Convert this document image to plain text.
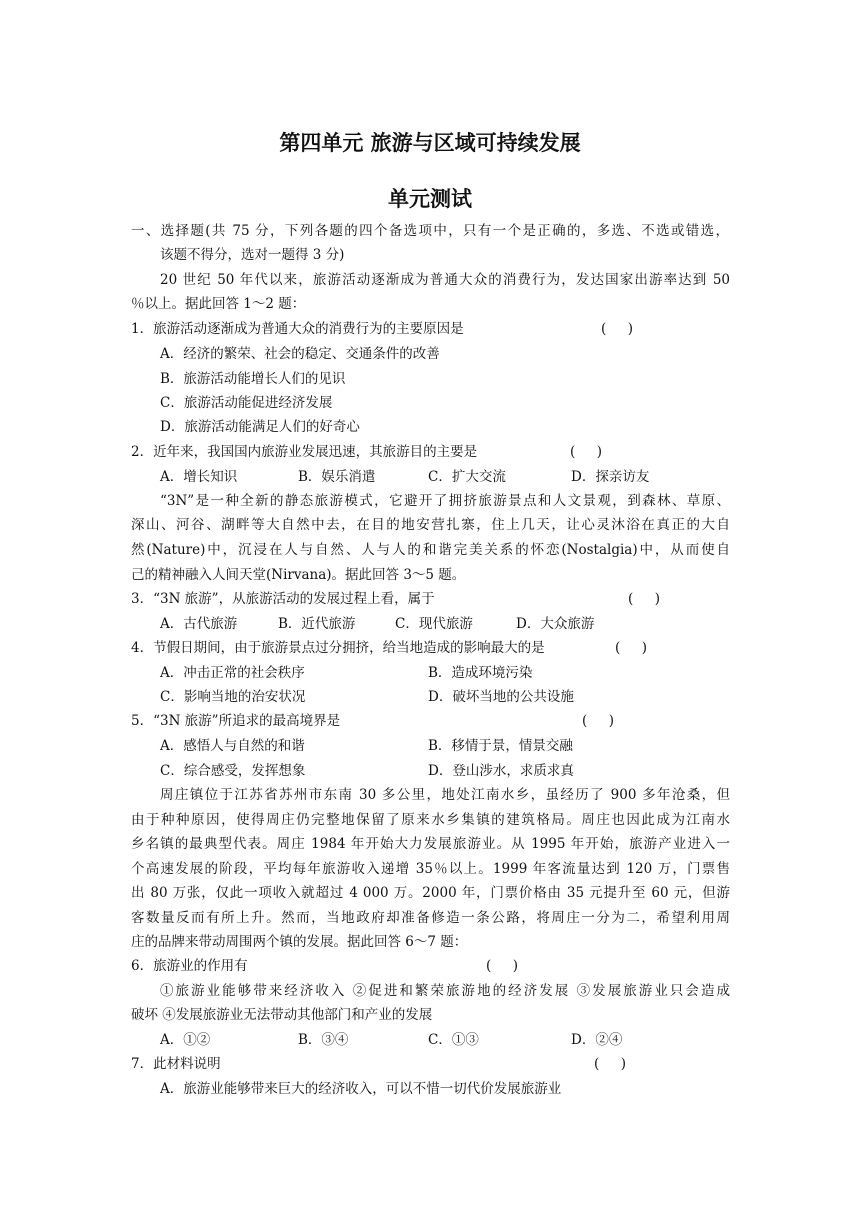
第四单元 旅游与区域可持续发展
单元测试
一、选择题(共 75 分，下列各题的四个备选项中，只有一个是正确的，多选、不选或错选，
该题不得分，选对一题得 3 分)
20 世纪 50 年代以来，旅游活动逐渐成为普通大众的消费行为，发达国家出游率达到 50
％以上。据此回答 1～2 题：
1．旅游活动逐渐成为普通大众的消费行为的主要原因是	(     )
A．经济的繁荣、社会的稳定、交通条件的改善
B．旅游活动能增长人们的见识
C．旅游活动能促进经济发展
D．旅游活动能满足人们的好奇心
2．近年来，我国国内旅游业发展迅速，其旅游目的主要是	(     )
A．增长知识	B．娱乐消遣	C．扩大交流	D．探亲访友
“3N”是一种全新的静态旅游模式，它避开了拥挤旅游景点和人文景观，到森林、草原、
深山、河谷、湖畔等大自然中去，在目的地安营扎寨，住上几天，让心灵沐浴在真正的大自
然(Nature)中，沉浸在人与自然、人与人的和谐完美关系的怀恋(Nostalgia)中，从而使自
己的精神融入人间天堂(Nirvana)。据此回答 3～5 题。
3．“3N 旅游”，从旅游活动的发展过程上看，属于	(     )
A．古代旅游	B．近代旅游	C．现代旅游	D．大众旅游
4．节假日期间，由于旅游景点过分拥挤，给当地造成的影响最大的是	(     )
A．冲击正常的社会秩序	B．造成环境污染
C．影响当地的治安状况	D．破坏当地的公共设施
5．“3N 旅游”所追求的最高境界是	(     )
A．感悟人与自然的和谐	B．移情于景，情景交融
C．综合感受，发挥想象	D．登山涉水，求质求真
周庄镇位于江苏省苏州市东南 30 多公里，地处江南水乡，虽经历了 900 多年沧桑，但
由于种种原因，使得周庄仍完整地保留了原来水乡集镇的建筑格局。周庄也因此成为江南水
乡名镇的最典型代表。周庄 1984 年开始大力发展旅游业。从 1995 年开始，旅游产业进入一
个高速发展的阶段，平均每年旅游收入递增 35％以上。1999 年客流量达到 120 万，门票售
出 80 万张，仅此一项收入就超过 4 000 万。2000 年，门票价格由 35 元提升至 60 元，但游
客数量反而有所上升。然而，当地政府却准备修造一条公路，将周庄一分为二，希望利用周
庄的品牌来带动周围两个镇的发展。据此回答 6～7 题：
6．旅游业的作用有	(     )
①旅游业能够带来经济收入 ②促进和繁荣旅游地的经济发展 ③发展旅游业只会造成
破坏 ④发展旅游业无法带动其他部门和产业的发展
A．①②	B．③④	C．①③	D．②④
7．此材料说明	(     )
A．旅游业能够带来巨大的经济收入，可以不惜一切代价发展旅游业
